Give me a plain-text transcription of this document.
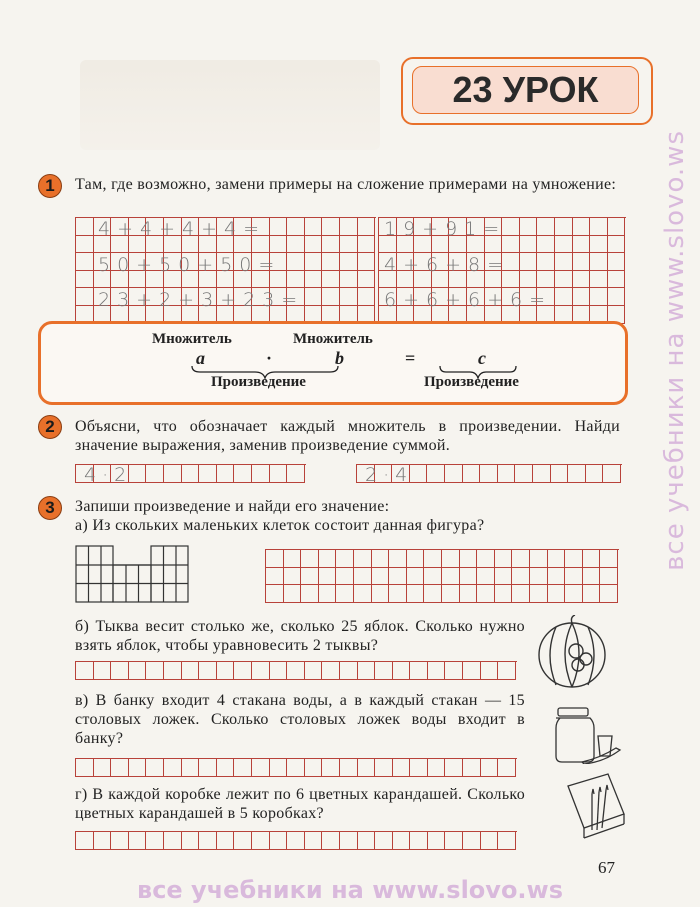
23 УРОК
1	Там, где возможно, замени примеры на сложение примерами на умножение:
4+4+4+4=
50+50+50=
23+2+3+23=
19+91=
4+6+8=
6+6+6+6=
Множитель	Множитель
a	·	b	=	c
Произведение	Произведение
2	Объясни, что обозначает каждый множитель в произведении. Найди значение выражения, заменив произведение суммой.
4·2	2·4
3	Запиши произведение и найди его значение:
а) Из скольких маленьких клеток состоит данная фигура?
б) Тыква весит столько же, сколько 25 яблок. Сколько нужно взять яблок, чтобы уравновесить 2 тыквы?
в) В банку входит 4 стакана воды, а в каждый стакан — 15 столовых ложек. Сколько столовых ложек воды входит в банку?
г) В каждой коробке лежит по 6 цветных карандашей. Сколько цветных карандашей в 5 коробках?
67
все учебники на www.slovo.ws
все учебники на www.slovo.ws
